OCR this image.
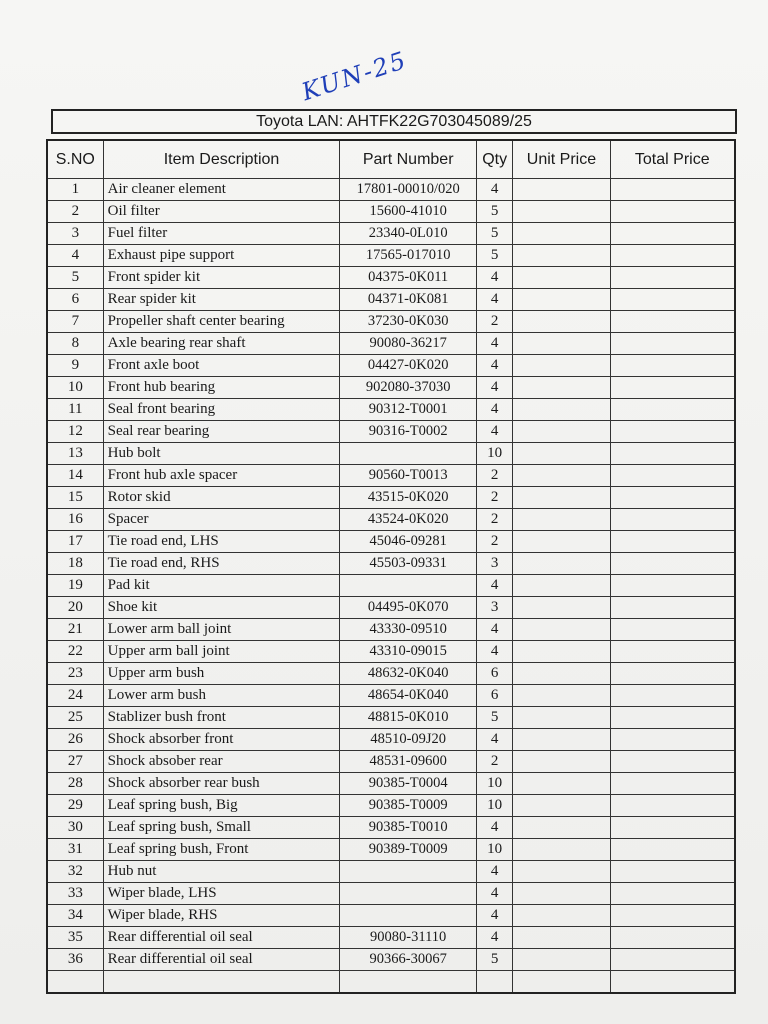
KUN-25
Toyota LAN: AHTFK22G703045089/25
S.NO	Item Description	Part Number	Qty	Unit Price	Total Price
1	Air cleaner element	17801-00010/020	4		
2	Oil filter	15600-41010	5		
3	Fuel filter	23340-0L010	5		
4	Exhaust pipe support	17565-017010	5		
5	Front spider kit	04375-0K011	4		
6	Rear spider kit	04371-0K081	4		
7	Propeller shaft center bearing	37230-0K030	2		
8	Axle bearing rear shaft	90080-36217	4		
9	Front axle boot	04427-0K020	4		
10	Front hub bearing	902080-37030	4		
11	Seal front bearing	90312-T0001	4		
12	Seal rear bearing	90316-T0002	4		
13	Hub bolt		10		
14	Front hub axle spacer	90560-T0013	2		
15	Rotor skid	43515-0K020	2		
16	Spacer	43524-0K020	2		
17	Tie road end, LHS	45046-09281	2		
18	Tie road end, RHS	45503-09331	3		
19	Pad kit		4		
20	Shoe kit	04495-0K070	3		
21	Lower arm ball joint	43330-09510	4		
22	Upper arm ball joint	43310-09015	4		
23	Upper arm bush	48632-0K040	6		
24	Lower arm bush	48654-0K040	6		
25	Stablizer bush front	48815-0K010	5		
26	Shock absorber front	48510-09J20	4		
27	Shock absober rear	48531-09600	2		
28	Shock absorber rear bush	90385-T0004	10		
29	Leaf spring bush, Big	90385-T0009	10		
30	Leaf spring bush, Small	90385-T0010	4		
31	Leaf spring bush, Front	90389-T0009	10		
32	Hub nut		4		
33	Wiper blade, LHS		4		
34	Wiper blade, RHS		4		
35	Rear differential oil seal	90080-31110	4		
36	Rear differential oil seal	90366-30067	5		
